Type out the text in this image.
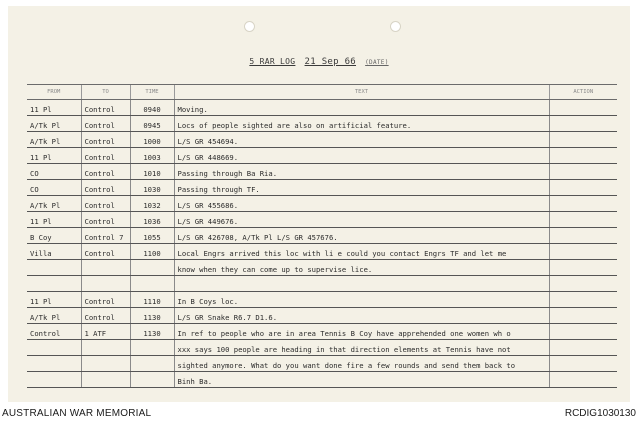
5 RAR LOG 21 Sep 66 (DATE)
FROM	TO	TIME	TEXT	ACTION
11 Pl	Control	0940	Moving.	
A/Tk Pl	Control	0945	Locs of people sighted are also on artificial feature.	
A/Tk Pl	Control	1000	L/S GR 454694.	
11 Pl	Control	1003	L/S GR 448669.	
CO	Control	1010	Passing through Ba Ria.	
CO	Control	1030	Passing through TF.	
A/Tk Pl	Control	1032	L/S GR 455686.	
11 Pl	Control	1036	L/S GR 449676.	
B Coy	Control 7	1055	L/S GR 426708, A/Tk Pl L/S GR 457676.	
Villa	Control	1100	Local Engrs arrived this loc with li e could you contact Engrs TF and let me	
			know when they can come up to supervise lice.	

11 Pl	Control	1110	In B Coys loc.	
A/Tk Pl	Control	1130	L/S GR Snake R6.7 D1.6.	
Control	1 ATF	1130	In ref to people who are in area Tennis B Coy have apprehended one women wh o	
			xxx says 100 people are heading in that direction elements at Tennis have not	
			sighted anymore. What do you want done fire a few rounds and send them back to	
			Binh Ba.	
AUSTRALIAN WAR MEMORIAL	RCDIG1030130
